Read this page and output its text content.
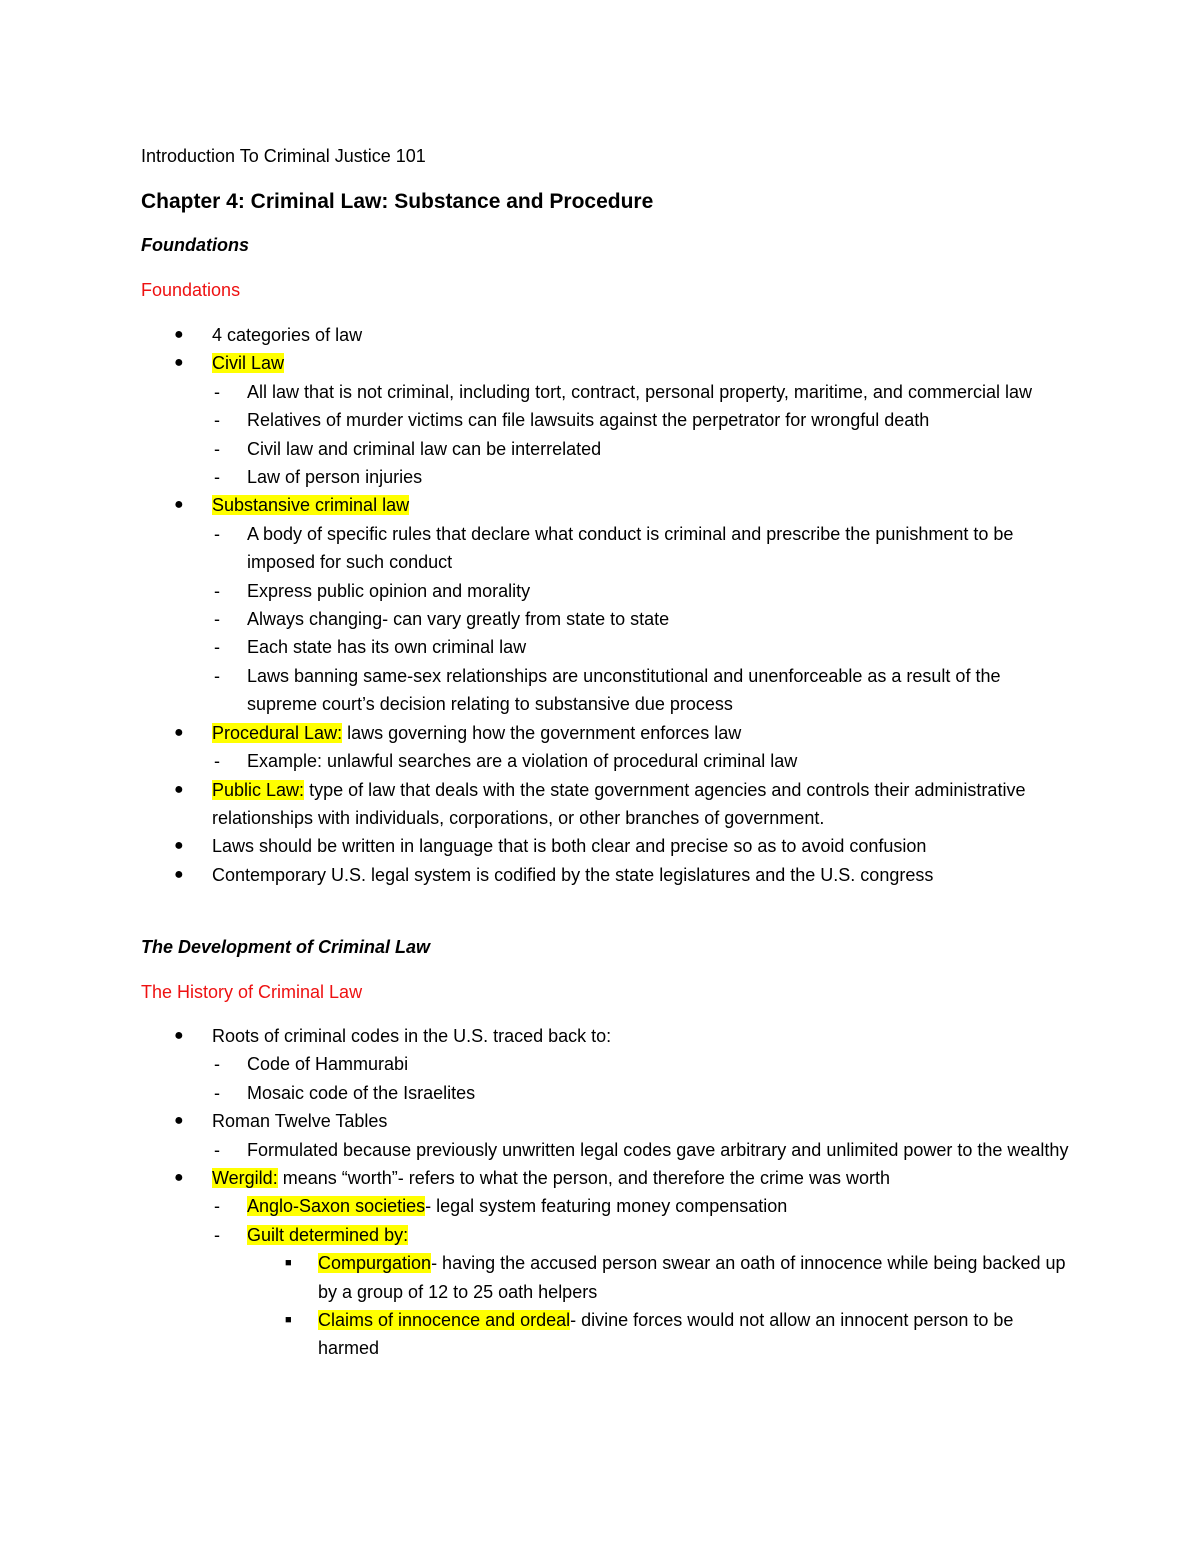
Introduction To Criminal Justice 101
Chapter 4: Criminal Law: Substance and Procedure
Foundations
Foundations
● 4 categories of law
● Civil Law
- All law that is not criminal, including tort, contract, personal property, maritime, and commercial law
- Relatives of murder victims can file lawsuits against the perpetrator for wrongful death
- Civil law and criminal law can be interrelated
- Law of person injuries
● Substansive criminal law
- A body of specific rules that declare what conduct is criminal and prescribe the punishment to be imposed for such conduct
- Express public opinion and morality
- Always changing- can vary greatly from state to state
- Each state has its own criminal law
- Laws banning same-sex relationships are unconstitutional and unenforceable as a result of the supreme court’s decision relating to substansive due process
● Procedural Law: laws governing how the government enforces law
- Example: unlawful searches are a violation of procedural criminal law
● Public Law: type of law that deals with the state government agencies and controls their administrative relationships with individuals, corporations, or other branches of government.
● Laws should be written in language that is both clear and precise so as to avoid confusion
● Contemporary U.S. legal system is codified by the state legislatures and the U.S. congress
The Development of Criminal Law
The History of Criminal Law
● Roots of criminal codes in the U.S. traced back to:
- Code of Hammurabi
- Mosaic code of the Israelites
● Roman Twelve Tables
- Formulated because previously unwritten legal codes gave arbitrary and unlimited power to the wealthy
● Wergild: means “worth”- refers to what the person, and therefore the crime was worth
- Anglo-Saxon societies- legal system featuring money compensation
- Guilt determined by:
■ Compurgation- having the accused person swear an oath of innocence while being backed up by a group of 12 to 25 oath helpers
■ Claims of innocence and ordeal- divine forces would not allow an innocent person to be harmed
